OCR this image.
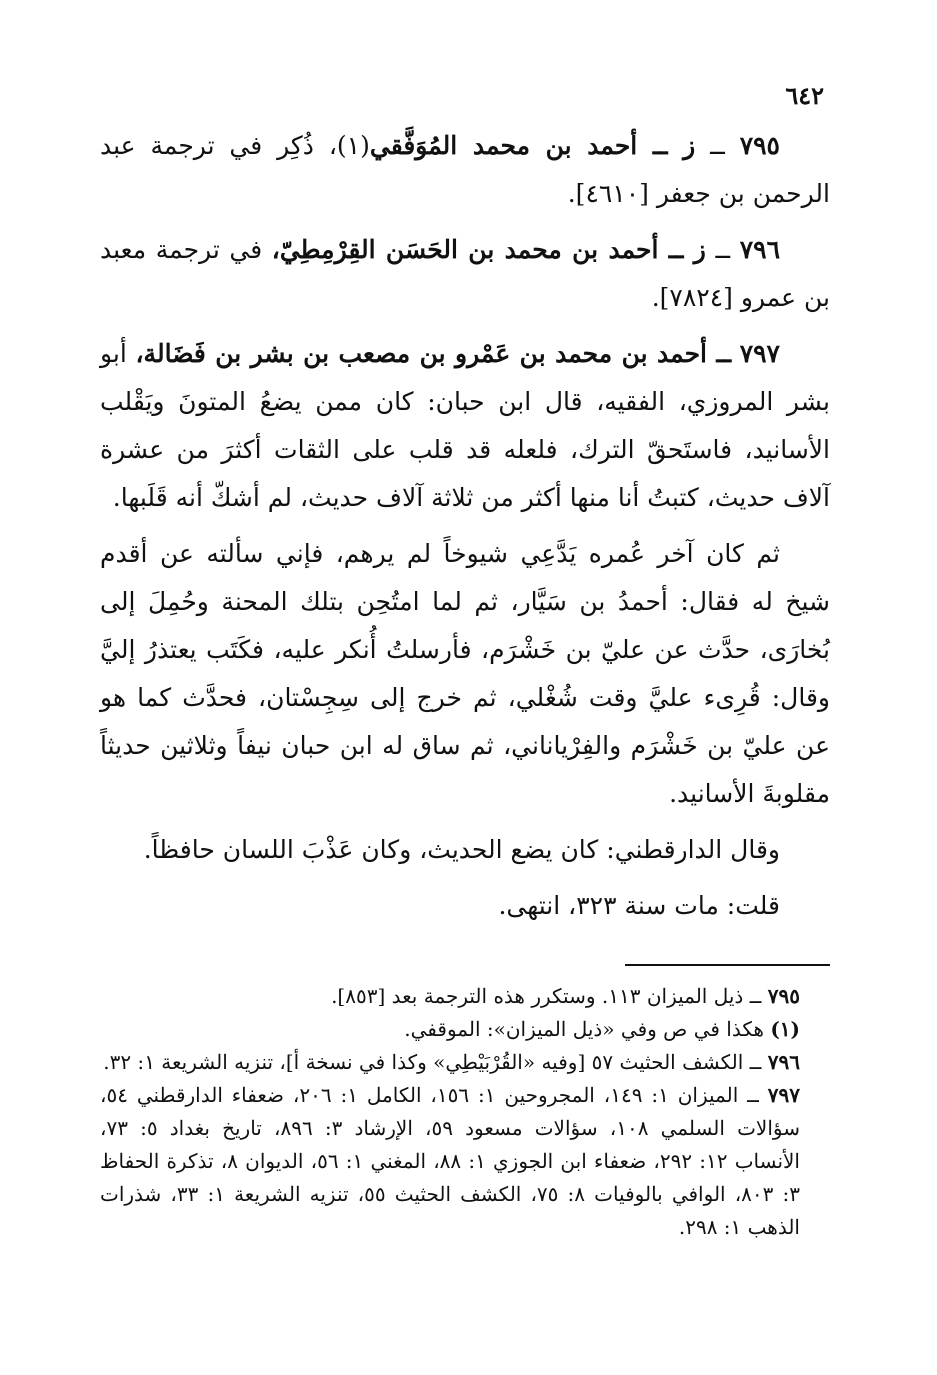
٦٤٢

٧٩٥ ــ ز ــ أحمد بن محمد المُوَفَّقي(١)، ذُكِر في ترجمة عبد الرحمن بن جعفر [٤٦١٠].

٧٩٦ ــ ز ــ أحمد بن محمد بن الحَسَن القِرْمِطِيّ، في ترجمة معبد بن عمرو [٧٨٢٤].

٧٩٧ ــ أحمد بن محمد بن عَمْرو بن مصعب بن بشر بن فَضَالة، أبو بشر المروزي، الفقيه، قال ابن حبان: كان ممن يضعُ المتونَ ويَقْلب الأسانيد، فاستَحقّ الترك، فلعله قد قلب على الثقات أكثرَ من عشرة آلاف حديث، كتبتُ أنا منها أكثر من ثلاثة آلاف حديث، لم أشكّ أنه قَلَبها.

ثم كان آخر عُمره يَدَّعِي شيوخاً لم يرهم، فإني سألته عن أقدم شيخ له فقال: أحمدُ بن سَيَّار، ثم لما امتُحِن بتلك المحنة وحُمِلَ إلى بُخارَى، حدَّث عن عليّ بن خَشْرَم، فأرسلتُ أُنكر عليه، فكَتَب يعتذرُ إليَّ وقال: قُرِىء عليَّ وقت شُغْلي، ثم خرج إلى سِجِسْتان، فحدَّث كما هو عن عليّ بن خَشْرَم والفِرْياناني، ثم ساق له ابن حبان نيفاً وثلاثين حديثاً مقلوبةَ الأسانيد.

وقال الدارقطني: كان يضع الحديث، وكان عَذْبَ اللسان حافظاً.

قلت: مات سنة ٣٢٣، انتهى.

٧٩٥ ــ ذيل الميزان ١١٣. وستكرر هذه الترجمة بعد [٨٥٣].

(١) هكذا في ص وفي «ذيل الميزان»: الموقفي.

٧٩٦ ــ الكشف الحثيث ٥٧ [وفيه «القُرْبَيْطِي» وكذا في نسخة أ]، تنزيه الشريعة ١: ٣٢.

٧٩٧ ــ الميزان ١: ١٤٩، المجروحين ١: ١٥٦، الكامل ١: ٢٠٦، ضعفاء الدارقطني ٥٤، سؤالات السلمي ١٠٨، سؤالات مسعود ٥٩، الإرشاد ٣: ٨٩٦، تاريخ بغداد ٥: ٧٣، الأنساب ١٢: ٢٩٢، ضعفاء ابن الجوزي ١: ٨٨، المغني ١: ٥٦، الديوان ٨، تذكرة الحفاظ ٣: ٨٠٣، الوافي بالوفيات ٨: ٧٥، الكشف الحثيث ٥٥، تنزيه الشريعة ١: ٣٣، شذرات الذهب ١: ٢٩٨.
